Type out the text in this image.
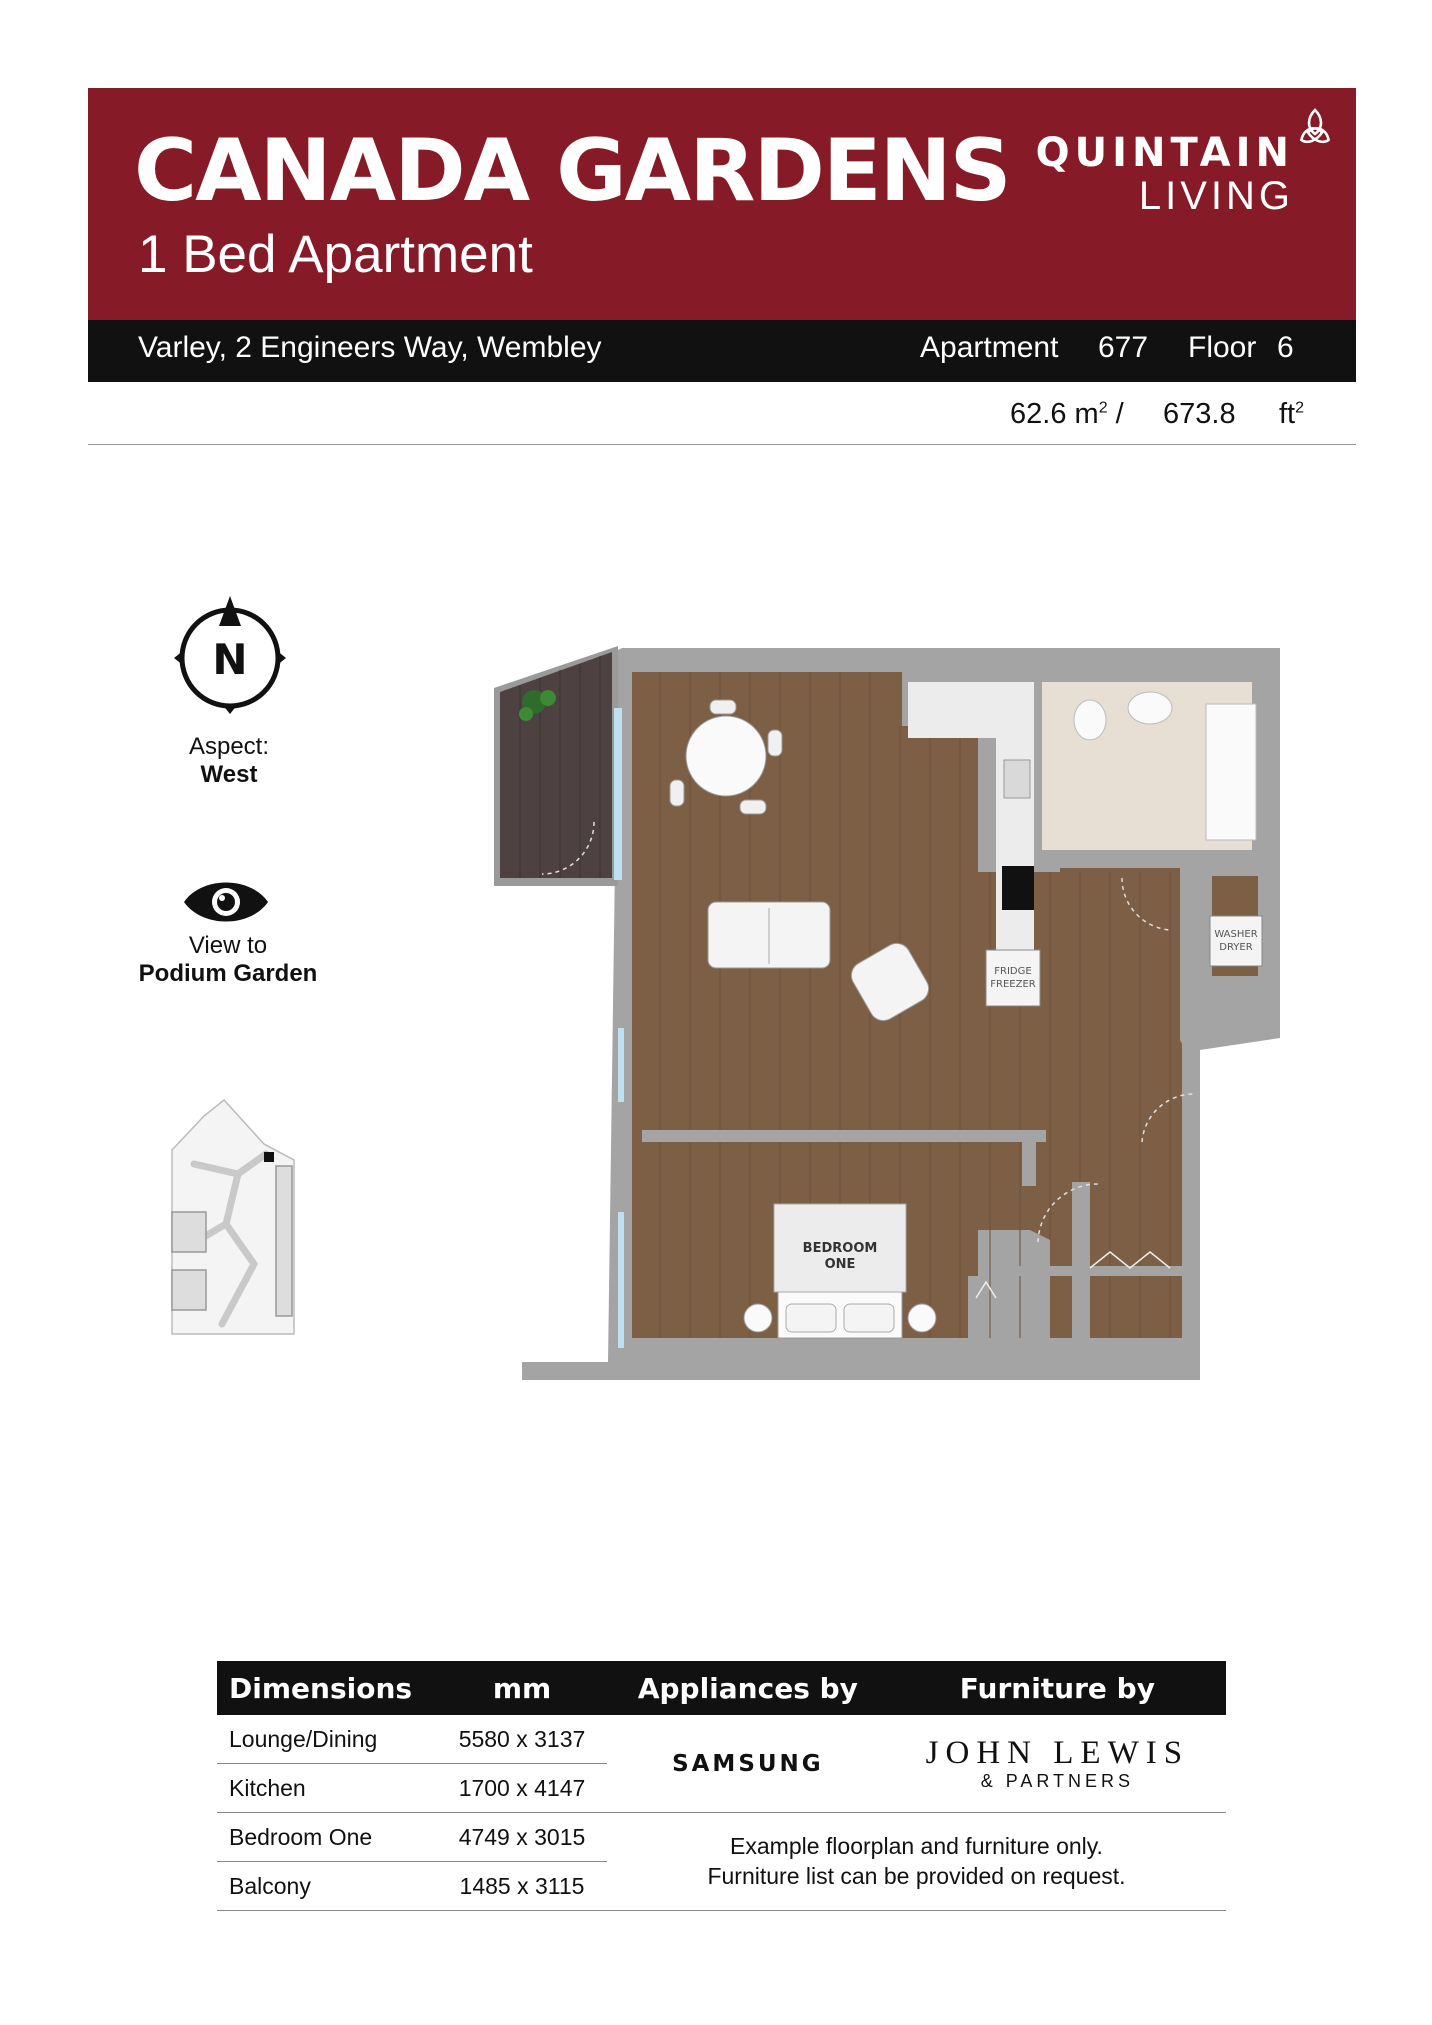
CANADA GARDENS
1 Bed Apartment
QUINTAIN
LIVING
Varley, 2 Engineers Way, Wembley	Apartment 677 Floor 6
62.6 $m^2 / 673.8$ $ft^2$
N
Aspect:
West
View to
Podium Garden	FRIDGE
FREEZER
WASHER
DRYER
BEDROOM
ONE
Dimensions	mm	Appliances by	Furniture by
Lounge/Dining	5580 x 3137	SAMSUNG	JOHN LEWIS
& PARTNERS

Kitchen	1700 x 4147		
Bedroom One	4749 x 3015	Example floorplan and furniture only.
Furniture list can be provided on request.	
Balcony	1485 x 3115		
